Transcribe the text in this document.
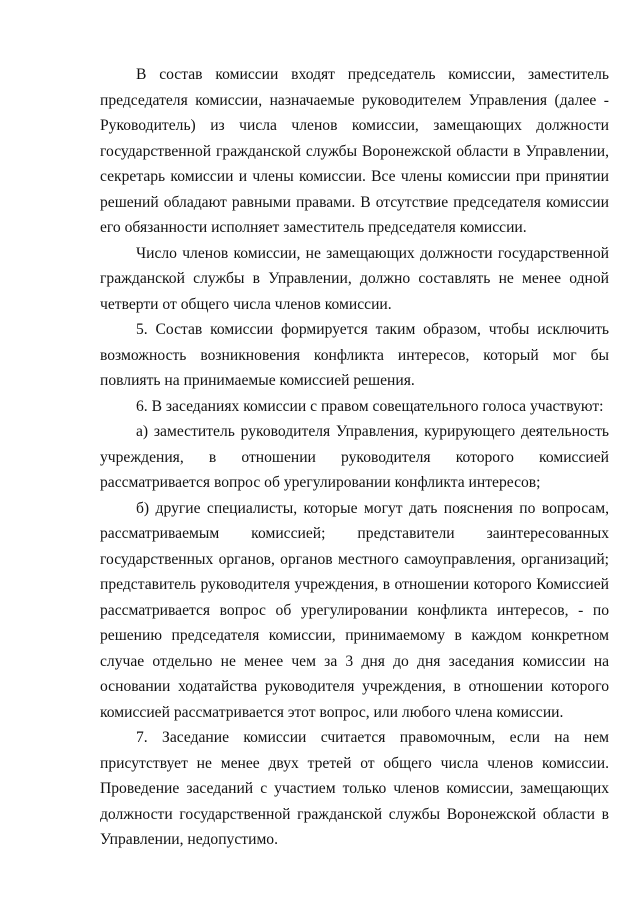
В состав комиссии входят председатель комиссии, заместитель председателя комиссии, назначаемые руководителем Управления (далее - Руководитель) из числа членов комиссии, замещающих должности государственной гражданской службы Воронежской области в Управлении, секретарь комиссии и члены комиссии. Все члены комиссии при принятии решений обладают равными правами. В отсутствие председателя комиссии его обязанности исполняет заместитель председателя комиссии.

Число членов комиссии, не замещающих должности государственной гражданской службы в Управлении, должно составлять не менее одной четверти от общего числа членов комиссии.

5. Состав комиссии формируется таким образом, чтобы исключить возможность возникновения конфликта интересов, который мог бы повлиять на принимаемые комиссией решения.

6. В заседаниях комиссии с правом совещательного голоса участвуют:

а) заместитель руководителя Управления, курирующего деятельность учреждения, в отношении руководителя которого комиссией рассматривается вопрос об урегулировании конфликта интересов;

б) другие специалисты, которые могут дать пояснения по вопросам, рассматриваемым комиссией; представители заинтересованных государственных органов, органов местного самоуправления, организаций; представитель руководителя учреждения, в отношении которого Комиссией рассматривается вопрос об урегулировании конфликта интересов, - по решению председателя комиссии, принимаемому в каждом конкретном случае отдельно не менее чем за 3 дня до дня заседания комиссии на основании ходатайства руководителя учреждения, в отношении которого комиссией рассматривается этот вопрос, или любого члена комиссии.

7. Заседание комиссии считается правомочным, если на нем присутствует не менее двух третей от общего числа членов комиссии. Проведение заседаний с участием только членов комиссии, замещающих должности государственной гражданской службы Воронежской области в Управлении, недопустимо.
